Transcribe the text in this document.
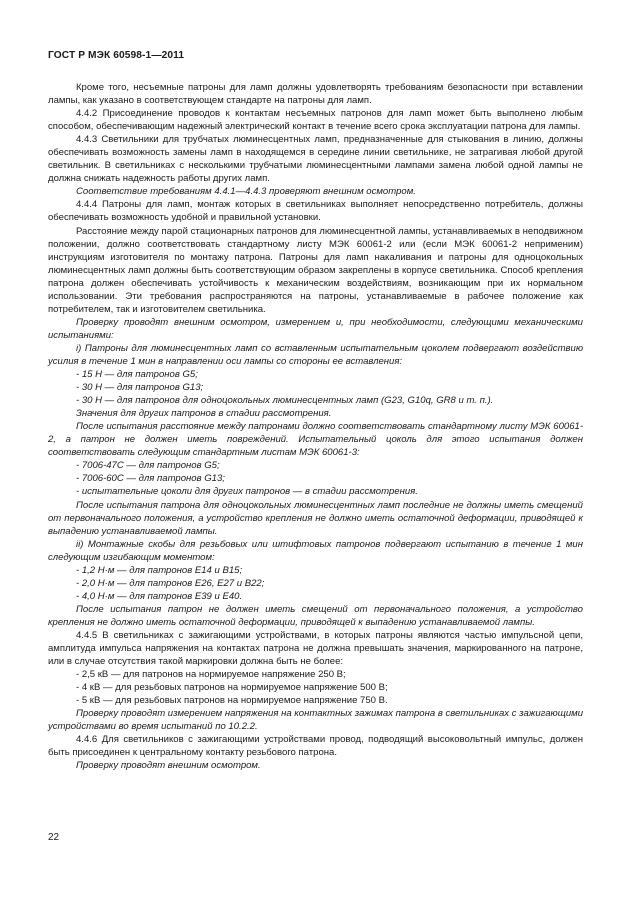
ГОСТ Р МЭК 60598-1—2011

Кроме того, несъемные патроны для ламп должны удовлетворять требованиям безопасности при вставлении лампы, как указано в соответствующем стандарте на патроны для ламп.

4.4.2 Присоединение проводов к контактам несъемных патронов для ламп может быть выполнено любым способом, обеспечивающим надежный электрический контакт в течение всего срока эксплуатации патрона для лампы.

4.4.3 Светильники для трубчатых люминесцентных ламп, предназначенные для стыкования в линию, должны обеспечивать возможность замены ламп в находящемся в середине линии светильнике, не затрагивая любой другой светильник. В светильниках с несколькими трубчатыми люминесцентными лампами замена любой одной лампы не должна снижать надежность работы других ламп.

Соответствие требованиям 4.4.1—4.4.3 проверяют внешним осмотром.

4.4.4 Патроны для ламп, монтаж которых в светильниках выполняет непосредственно потребитель, должны обеспечивать возможность удобной и правильной установки.

Расстояние между парой стационарных патронов для люминесцентной лампы, устанавливаемых в неподвижном положении, должно соответствовать стандартному листу МЭК 60061-2 или (если МЭК 60061-2 неприменим) инструкциям изготовителя по монтажу патрона. Патроны для ламп накаливания и патроны для одноцокольных люминесцентных ламп должны быть соответствующим образом закреплены в корпусе светильника. Способ крепления патрона должен обеспечивать устойчивость к механическим воздействиям, возникающим при их нормальном использовании. Эти требования распространяются на патроны, устанавливаемые в рабочее положение как потребителем, так и изготовителем светильника.

Проверку проводят внешним осмотром, измерением и, при необходимости, следующими механическими испытаниями:

i) Патроны для люминесцентных ламп со вставленным испытательным цоколем подвергают воздействию усилия в течение 1 мин в направлении оси лампы со стороны ее вставления:

- 15 Н — для патронов G5;

- 30 Н — для патронов G13;

- 30 Н — для патронов для одноцокольных люминесцентных ламп (G23, G10q, GR8 и т. п.).

Значения для других патронов в стадии рассмотрения.

После испытания расстояние между патронами должно соответствовать стандартному листу МЭК 60061-2, а патрон не должен иметь повреждений. Испытательный цоколь для этого испытания должен соответствовать следующим стандартным листам МЭК 60061-3:

- 7006-47С — для патронов G5;

- 7006-60С — для патронов G13;

- испытательные цоколи для других патронов — в стадии рассмотрения.

После испытания патрона для одноцокольных люминесцентных ламп последние не должны иметь смещений от первоначального положения, а устройство крепления не должно иметь остаточной деформации, приводящей к выпадению устанавливаемой лампы.

ii) Монтажные скобы для резьбовых или штифтовых патронов подвергают испытанию в течение 1 мин следующим изгибающим моментом:

- 1,2 Н·м — для патронов Е14 и В15;

- 2,0 Н·м — для патронов Е26, Е27 и В22;

- 4,0 Н·м — для патронов Е39 и Е40.

После испытания патрон не должен иметь смещений от первоначального положения, а устройство крепления не должно иметь остаточной деформации, приводящей к выпадению устанавливаемой лампы.

4.4.5 В светильниках с зажигающими устройствами, в которых патроны являются частью импульсной цепи, амплитуда импульса напряжения на контактах патрона не должна превышать значения, маркированного на патроне, или в случае отсутствия такой маркировки должна быть не более:

- 2,5 кВ — для патронов на нормируемое напряжение 250 В;

- 4 кВ — для резьбовых патронов на нормируемое напряжение 500 В;

- 5 кВ — для резьбовых патронов на нормируемое напряжение 750 В.

Проверку проводят измерением напряжения на контактных зажимах патрона в светильниках с зажигающими устройствами во время испытаний по 10.2.2.

4.4.6 Для светильников с зажигающими устройствами провод, подводящий высоковольтный импульс, должен быть присоединен к центральному контакту резьбового патрона.

Проверку проводят внешним осмотром.

22
